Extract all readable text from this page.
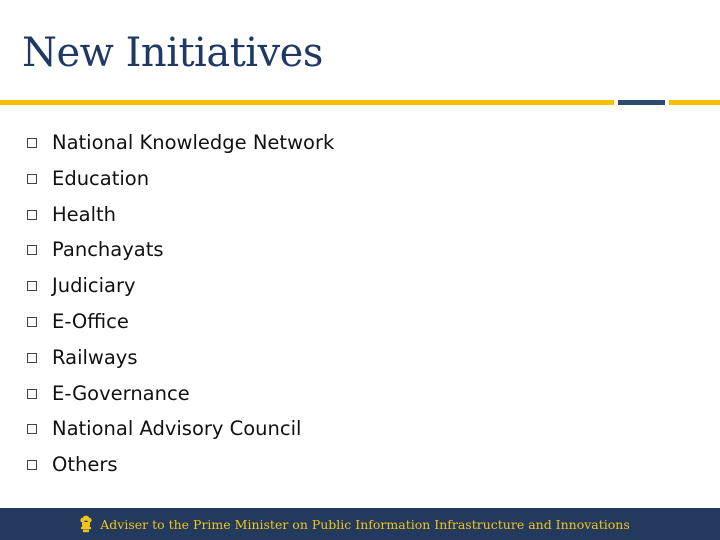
New Initiatives
National Knowledge Network
Education
Health
Panchayats
Judiciary
E-Office
Railways
E-Governance
National Advisory Council
Others
Adviser to the Prime Minister on Public Information Infrastructure and Innovations
